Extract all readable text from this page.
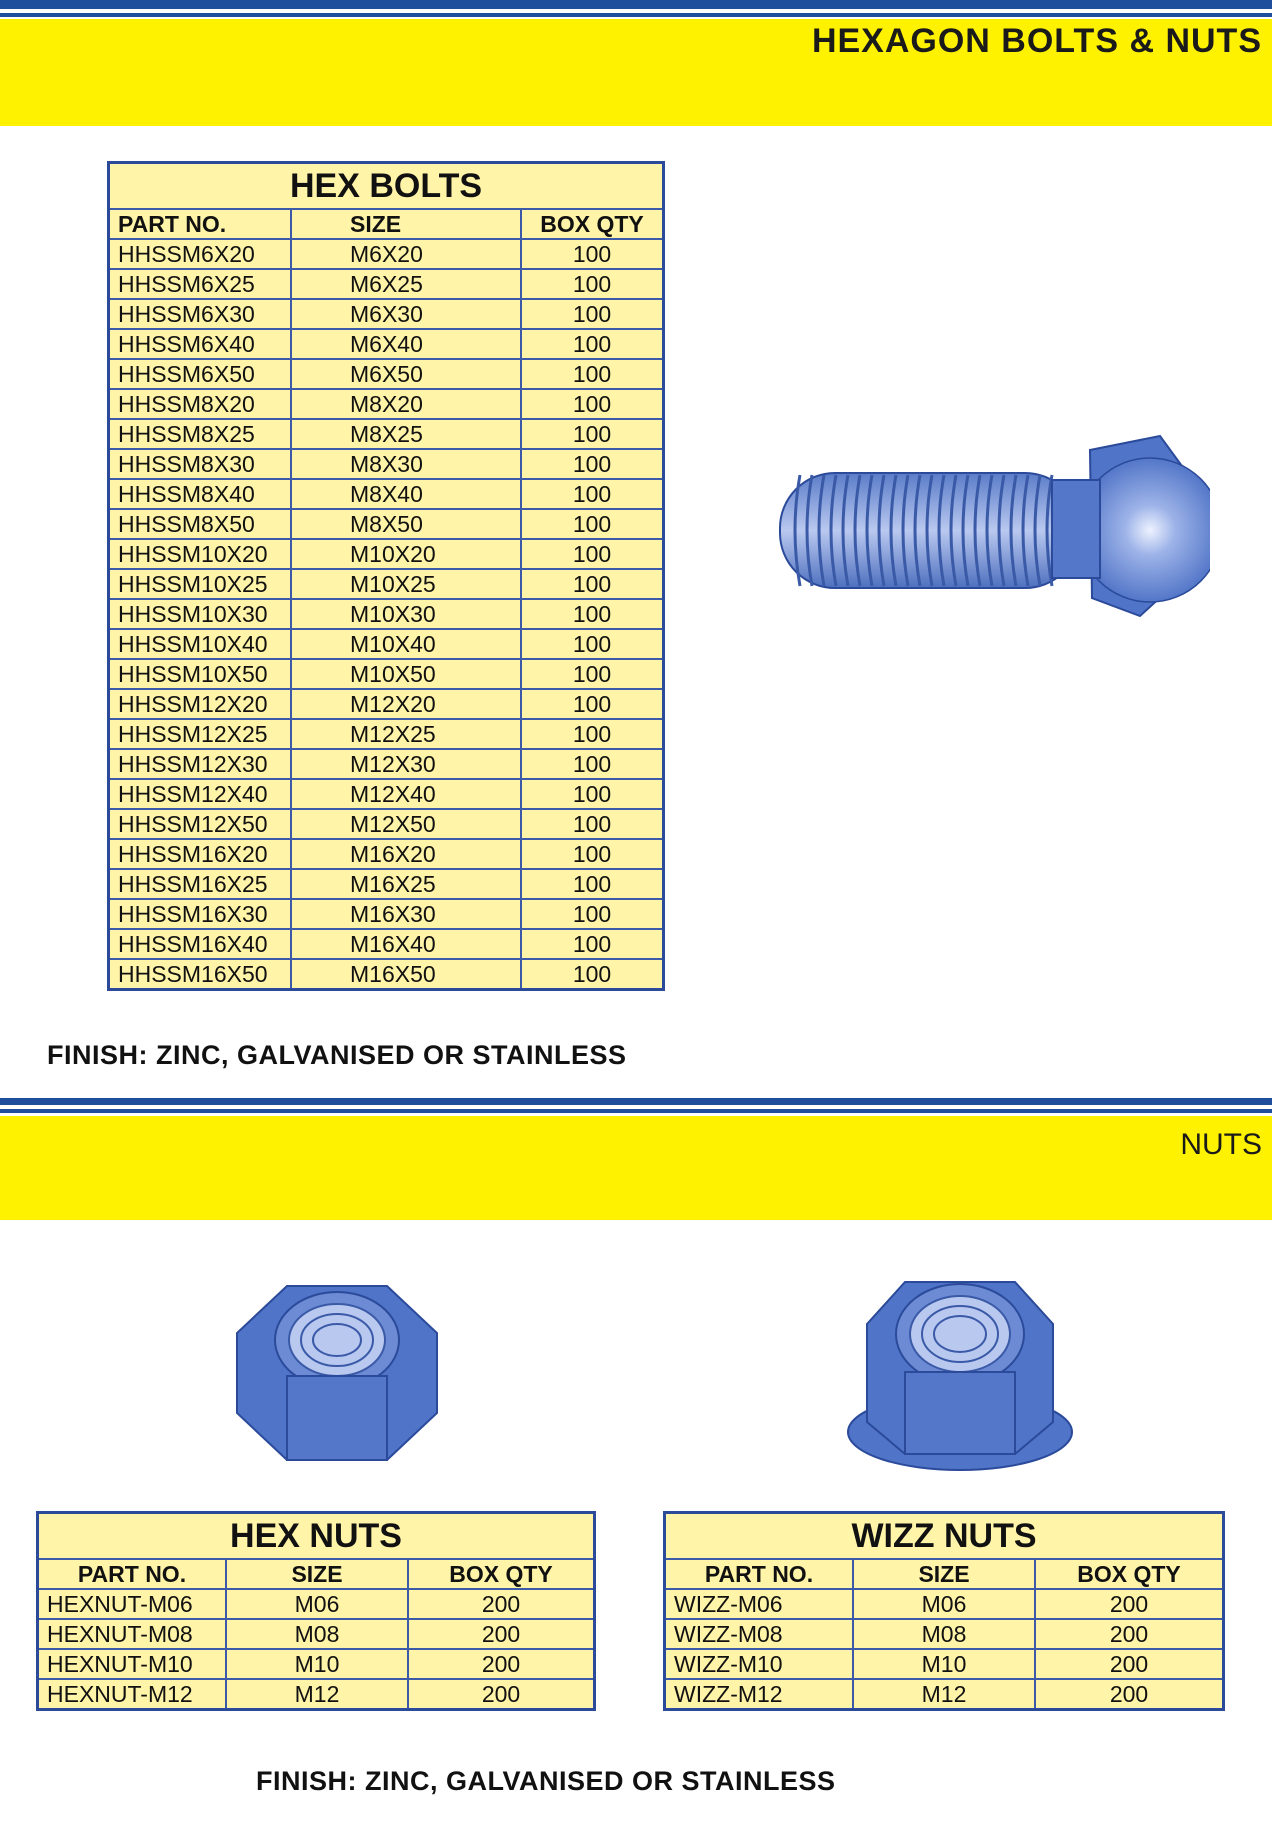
HEXAGON BOLTS & NUTS
HEX BOLTS		
PART NO.	SIZE	BOX QTY
HHSSM6X20	M6X20	100
HHSSM6X25	M6X25	100
HHSSM6X30	M6X30	100
HHSSM6X40	M6X40	100
HHSSM6X50	M6X50	100
HHSSM8X20	M8X20	100
HHSSM8X25	M8X25	100
HHSSM8X30	M8X30	100
HHSSM8X40	M8X40	100
HHSSM8X50	M8X50	100
HHSSM10X20	M10X20	100
HHSSM10X25	M10X25	100
HHSSM10X30	M10X30	100
HHSSM10X40	M10X40	100
HHSSM10X50	M10X50	100
HHSSM12X20	M12X20	100
HHSSM12X25	M12X25	100
HHSSM12X30	M12X30	100
HHSSM12X40	M12X40	100
HHSSM12X50	M12X50	100
HHSSM16X20	M16X20	100
HHSSM16X25	M16X25	100
HHSSM16X30	M16X30	100
HHSSM16X40	M16X40	100
HHSSM16X50	M16X50	100
FINISH: ZINC, GALVANISED OR STAINLESS
NUTS
HEX NUTS		
PART NO.	SIZE	BOX QTY
HEXNUT-M06	M06	200
HEXNUT-M08	M08	200
HEXNUT-M10	M10	200
HEXNUT-M12	M12	200
WIZZ NUTS		
PART NO.	SIZE	BOX QTY
WIZZ-M06	M06	200
WIZZ-M08	M08	200
WIZZ-M10	M10	200
WIZZ-M12	M12	200
FINISH: ZINC, GALVANISED OR STAINLESS
